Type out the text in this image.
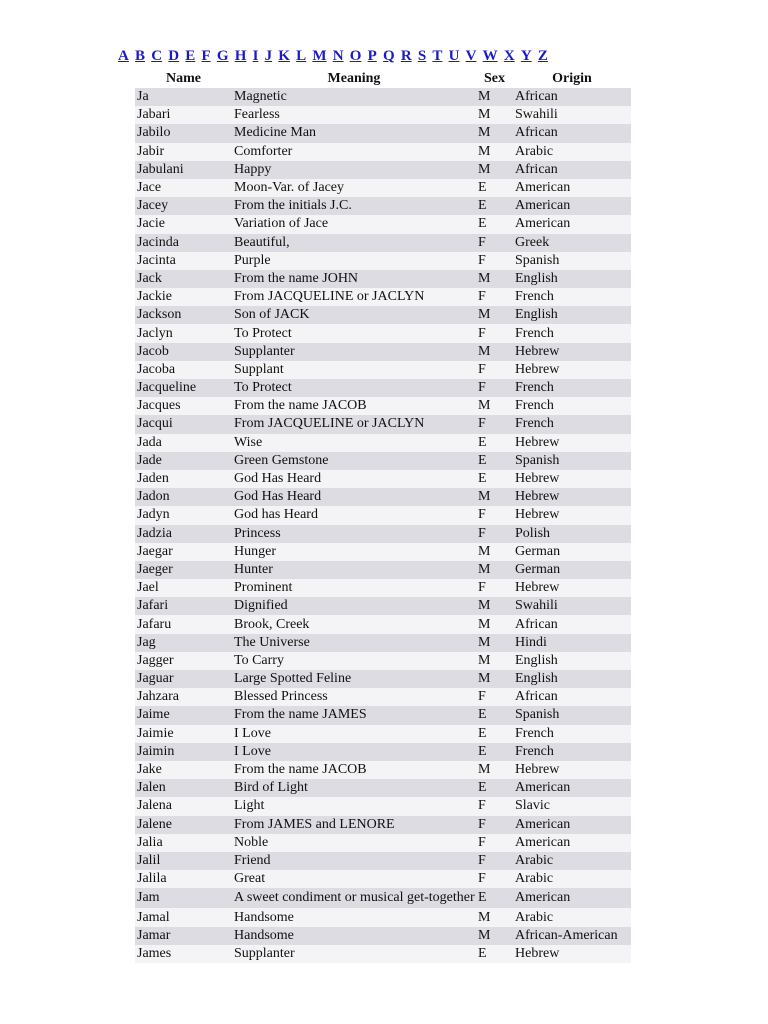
A B C D E F G H I J K L M N O P Q R S T U V W X Y Z
Name	Meaning	Sex	Origin
Ja	Magnetic	M	African
Jabari	Fearless	M	Swahili
Jabilo	Medicine Man	M	African
Jabir	Comforter	M	Arabic
Jabulani	Happy	M	African
Jace	Moon-Var. of Jacey	E	American
Jacey	From the initials J.C.	E	American
Jacie	Variation of Jace	E	American
Jacinda	Beautiful,	F	Greek
Jacinta	Purple	F	Spanish
Jack	From the name JOHN	M	English
Jackie	From JACQUELINE or JACLYN	F	French
Jackson	Son of JACK	M	English
Jaclyn	To Protect	F	French
Jacob	Supplanter	M	Hebrew
Jacoba	Supplant	F	Hebrew
Jacqueline	To Protect	F	French
Jacques	From the name JACOB	M	French
Jacqui	From JACQUELINE or JACLYN	F	French
Jada	Wise	E	Hebrew
Jade	Green Gemstone	E	Spanish
Jaden	God Has Heard	E	Hebrew
Jadon	God Has Heard	M	Hebrew
Jadyn	God has Heard	F	Hebrew
Jadzia	Princess	F	Polish
Jaegar	Hunger	M	German
Jaeger	Hunter	M	German
Jael	Prominent	F	Hebrew
Jafari	Dignified	M	Swahili
Jafaru	Brook, Creek	M	African
Jag	The Universe	M	Hindi
Jagger	To Carry	M	English
Jaguar	Large Spotted Feline	M	English
Jahzara	Blessed Princess	F	African
Jaime	From the name JAMES	E	Spanish
Jaimie	I Love	E	French
Jaimin	I Love	E	French
Jake	From the name JACOB	M	Hebrew
Jalen	Bird of Light	E	American
Jalena	Light	F	Slavic
Jalene	From JAMES and LENORE	F	American
Jalia	Noble	F	American
Jalil	Friend	F	Arabic
Jalila	Great	F	Arabic
Jam	A sweet condiment or musical get-together	E	American
Jamal	Handsome	M	Arabic
Jamar	Handsome	M	African-American
James	Supplanter	E	Hebrew
